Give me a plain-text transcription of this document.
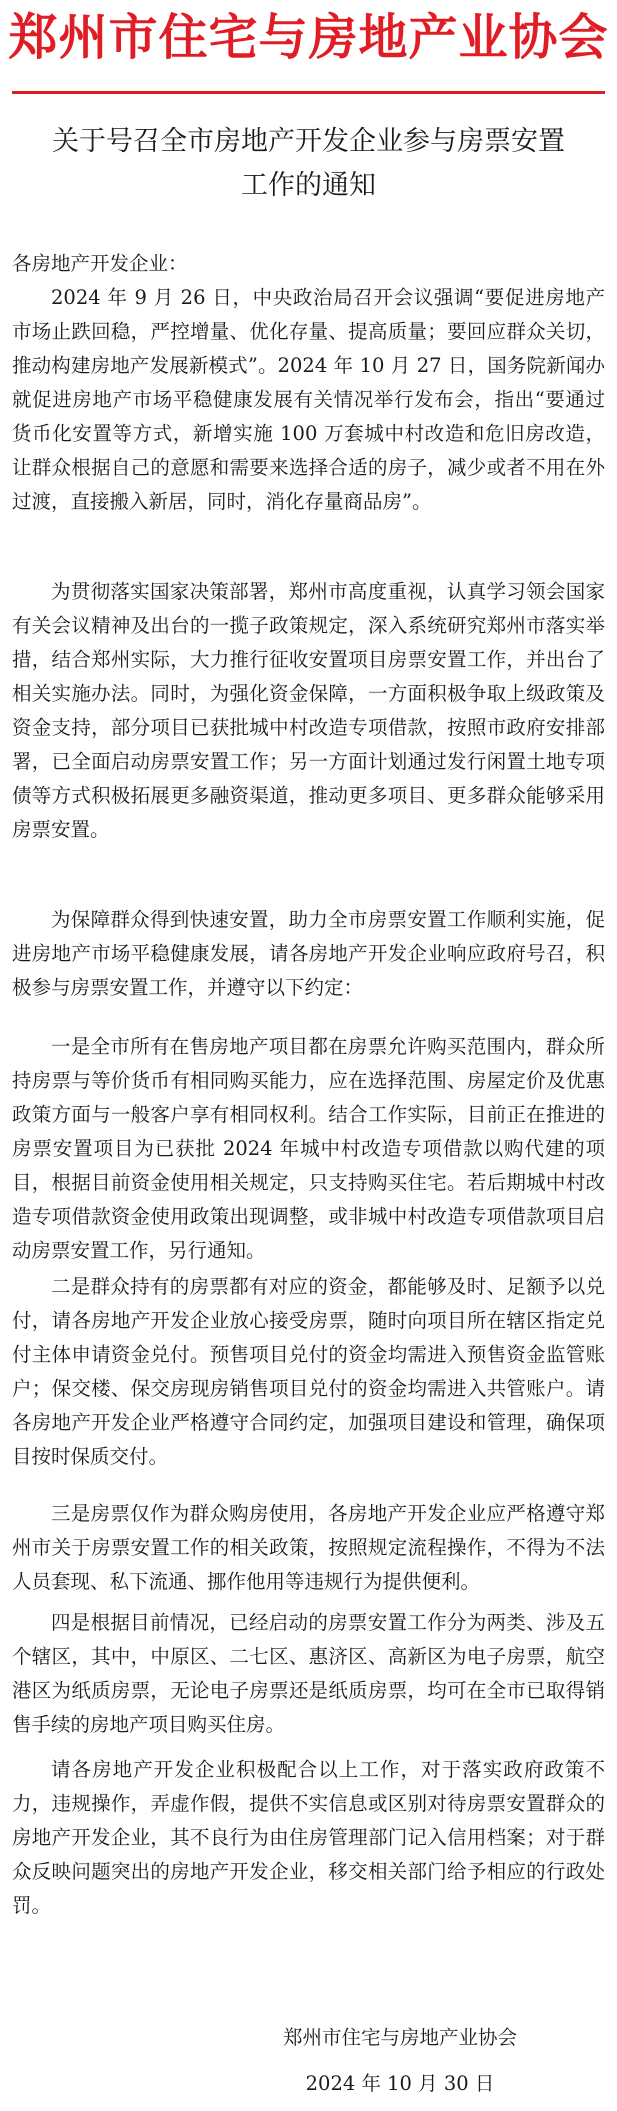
郑州市住宅与房地产业协会
关于号召全市房地产开发企业参与房票安置
工作的通知
各房地产开发企业：

2024 年 9 月 26 日，中央政治局召开会议强调“要促进房地产市场止跌回稳，严控增量、优化存量、提高质量；要回应群众关切，推动构建房地产发展新模式”。2024 年 10 月 27 日，国务院新闻办就促进房地产市场平稳健康发展有关情况举行发布会，指出“要通过货币化安置等方式，新增实施 100 万套城中村改造和危旧房改造，让群众根据自己的意愿和需要来选择合适的房子，减少或者不用在外过渡，直接搬入新居，同时，消化存量商品房”。

为贯彻落实国家决策部署，郑州市高度重视，认真学习领会国家有关会议精神及出台的一揽子政策规定，深入系统研究郑州市落实举措，结合郑州实际，大力推行征收安置项目房票安置工作，并出台了相关实施办法。同时，为强化资金保障，一方面积极争取上级政策及资金支持，部分项目已获批城中村改造专项借款，按照市政府安排部署，已全面启动房票安置工作；另一方面计划通过发行闲置土地专项债等方式积极拓展更多融资渠道，推动更多项目、更多群众能够采用房票安置。

为保障群众得到快速安置，助力全市房票安置工作顺利实施，促进房地产市场平稳健康发展，请各房地产开发企业响应政府号召，积极参与房票安置工作，并遵守以下约定：

一是全市所有在售房地产项目都在房票允许购买范围内，群众所持房票与等价货币有相同购买能力，应在选择范围、房屋定价及优惠政策方面与一般客户享有相同权利。结合工作实际，目前正在推进的房票安置项目为已获批 2024 年城中村改造专项借款以购代建的项目，根据目前资金使用相关规定，只支持购买住宅。若后期城中村改造专项借款资金使用政策出现调整，或非城中村改造专项借款项目启动房票安置工作，另行通知。

二是群众持有的房票都有对应的资金，都能够及时、足额予以兑付，请各房地产开发企业放心接受房票，随时向项目所在辖区指定兑付主体申请资金兑付。预售项目兑付的资金均需进入预售资金监管账户；保交楼、保交房现房销售项目兑付的资金均需进入共管账户。请各房地产开发企业严格遵守合同约定，加强项目建设和管理，确保项目按时保质交付。

三是房票仅作为群众购房使用，各房地产开发企业应严格遵守郑州市关于房票安置工作的相关政策，按照规定流程操作，不得为不法人员套现、私下流通、挪作他用等违规行为提供便利。

四是根据目前情况，已经启动的房票安置工作分为两类、涉及五个辖区，其中，中原区、二七区、惠济区、高新区为电子房票，航空港区为纸质房票，无论电子房票还是纸质房票，均可在全市已取得销售手续的房地产项目购买住房。

请各房地产开发企业积极配合以上工作，对于落实政府政策不力，违规操作，弄虚作假，提供不实信息或区别对待房票安置群众的房地产开发企业，其不良行为由住房管理部门记入信用档案；对于群众反映问题突出的房地产开发企业，移交相关部门给予相应的行政处罚。

郑州市住宅与房地产业协会
2024 年 10 月 30 日
